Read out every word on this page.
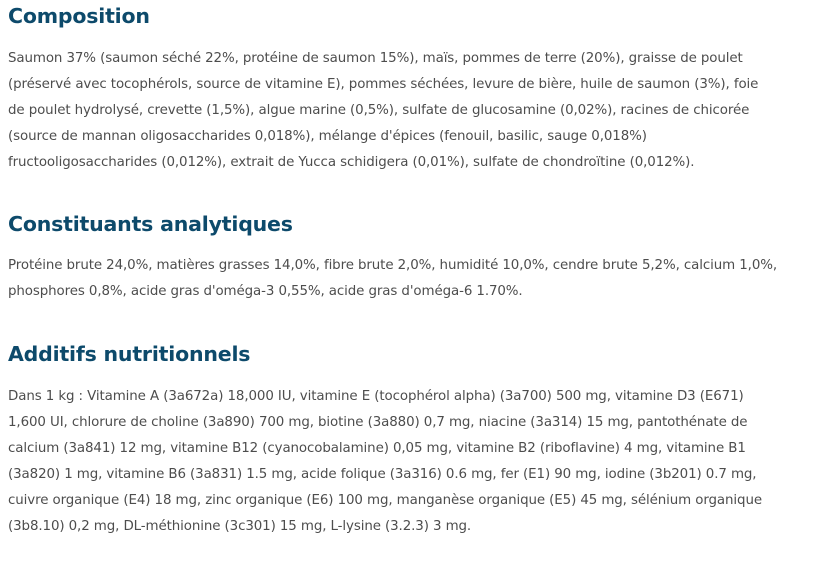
Composition

Saumon 37% (saumon séché 22%, protéine de saumon 15%), maïs, pommes de terre (20%), graisse de poulet (préservé avec tocophérols, source de vitamine E), pommes séchées, levure de bière, huile de saumon (3%), foie de poulet hydrolysé, crevette (1,5%), algue marine (0,5%), sulfate de glucosamine (0,02%), racines de chicorée (source de mannan oligosaccharides 0,018%), mélange d'épices (fenouil, basilic, sauge 0,018%) fructooligosaccharides (0,012%), extrait de Yucca schidigera (0,01%), sulfate de chondroïtine (0,012%).

Constituants analytiques

Protéine brute 24,0%, matières grasses 14,0%, fibre brute 2,0%, humidité 10,0%, cendre brute 5,2%, calcium 1,0%, phosphores 0,8%, acide gras d'oméga-3 0,55%, acide gras d'oméga-6 1.70%.

Additifs nutritionnels

Dans 1 kg : Vitamine A (3a672a) 18,000 IU, vitamine E (tocophérol alpha) (3a700) 500 mg, vitamine D3 (E671) 1,600 UI, chlorure de choline (3a890) 700 mg, biotine (3a880) 0,7 mg, niacine (3a314) 15 mg, pantothénate de calcium (3a841) 12 mg, vitamine B12 (cyanocobalamine) 0,05 mg, vitamine B2 (riboflavine) 4 mg, vitamine B1 (3a820) 1 mg, vitamine B6 (3a831) 1.5 mg, acide folique (3a316) 0.6 mg, fer (E1) 90 mg, iodine (3b201) 0.7 mg, cuivre organique (E4) 18 mg, zinc organique (E6) 100 mg, manganèse organique (E5) 45 mg, sélénium organique (3b8.10) 0,2 mg, DL-méthionine (3c301) 15 mg, L-lysine (3.2.3) 3 mg.
